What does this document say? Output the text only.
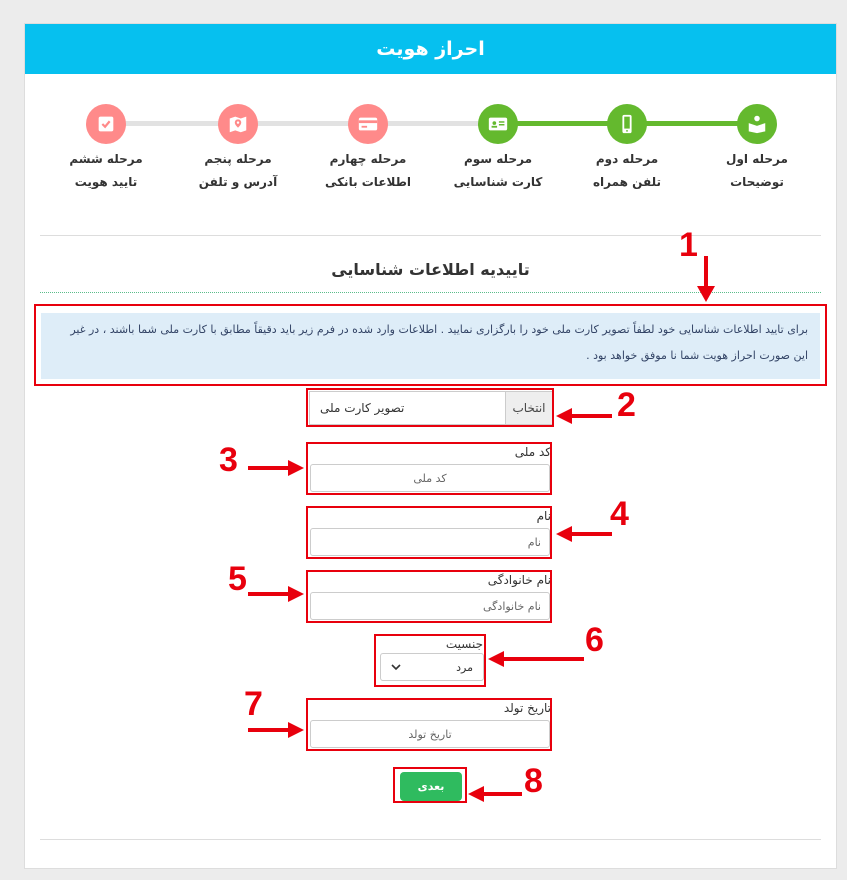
احراز هویت
مرحله اول
توضیحات
مرحله دوم
تلفن همراه
مرحله سوم
کارت شناسایی
مرحله چهارم
اطلاعات بانکی
مرحله پنجم
آدرس و تلفن
مرحله ششم
تایید هویت
تاییدیه اطلاعات شناسایی
برای تایید اطلاعات شناسایی خود لطفاً تصویر کارت ملی خود را بارگزاری نمایید . اطلاعات وارد شده در فرم زیر باید دقیقاً مطابق با کارت ملی شما باشند ، در غیر این صورت احراز هویت شما نا موفق خواهد بود .
تصویر کارت ملی	انتخاب
کد ملی
کد ملی
نام
نام
نام خانوادگی
نام خانوادگی
جنسیت
مرد
تاریخ تولد
تاریخ تولد
بعدی
1
2
3
4
5
6
7
8
